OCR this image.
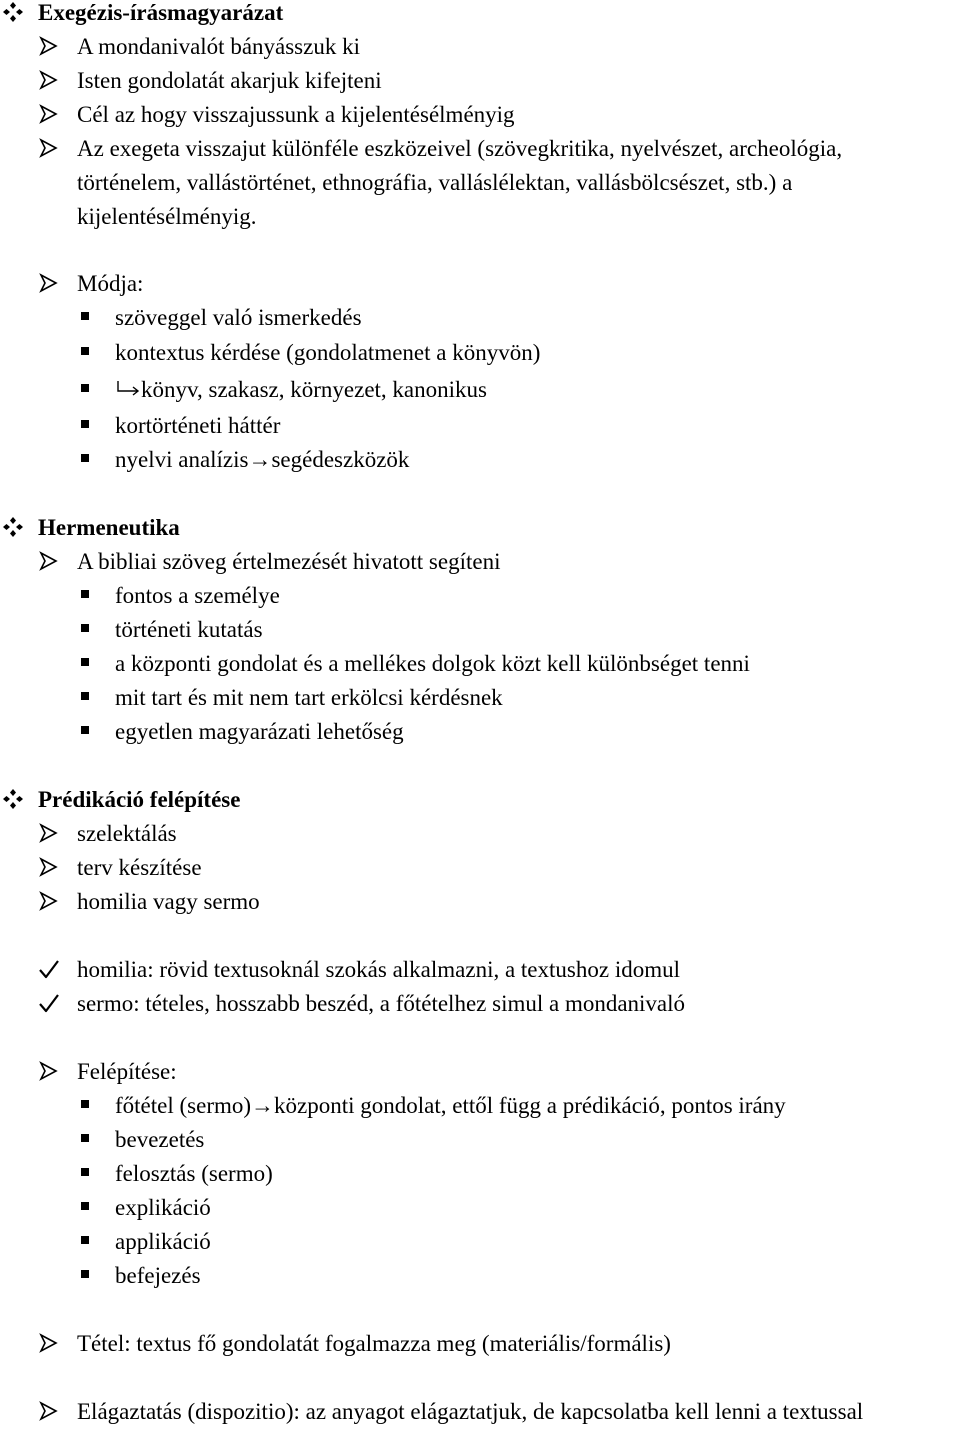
Exegézis-írásmagyarázat
A mondanivalót bányásszuk ki
Isten gondolatát akarjuk kifejteni
Cél az hogy visszajussunk a kijelentésélményig
Az exegeta visszajut különféle eszközeivel (szövegkritika, nyelvészet, archeológia,
történelem, vallástörténet, ethnográfia, valláslélektan, vallásbölcsészet, stb.) a
kijelentésélményig.
Módja:
szöveggel való ismerkedés
kontextus kérdése (gondolatmenet a könyvön)
könyv, szakasz, környezet, kanonikus
kortörténeti háttér
nyelvi analízis→segédeszközök
Hermeneutika
A bibliai szöveg értelmezését hivatott segíteni
fontos a személye
történeti kutatás
a központi gondolat és a mellékes dolgok közt kell különbséget tenni
mit tart és mit nem tart erkölcsi kérdésnek
egyetlen magyarázati lehetőség
Prédikáció felépítése
szelektálás
terv készítése
homilia vagy sermo
homilia: rövid textusoknál szokás alkalmazni, a textushoz idomul
sermo: tételes, hosszabb beszéd, a főtételhez simul a mondanivaló
Felépítése:
főtétel (sermo)→központi gondolat, ettől függ a prédikáció, pontos irány
bevezetés
felosztás (sermo)
explikáció
applikáció
befejezés
Tétel: textus fő gondolatát fogalmazza meg (materiális/formális)
Elágaztatás (dispozitio): az anyagot elágaztatjuk, de kapcsolatba kell lenni a textussal
